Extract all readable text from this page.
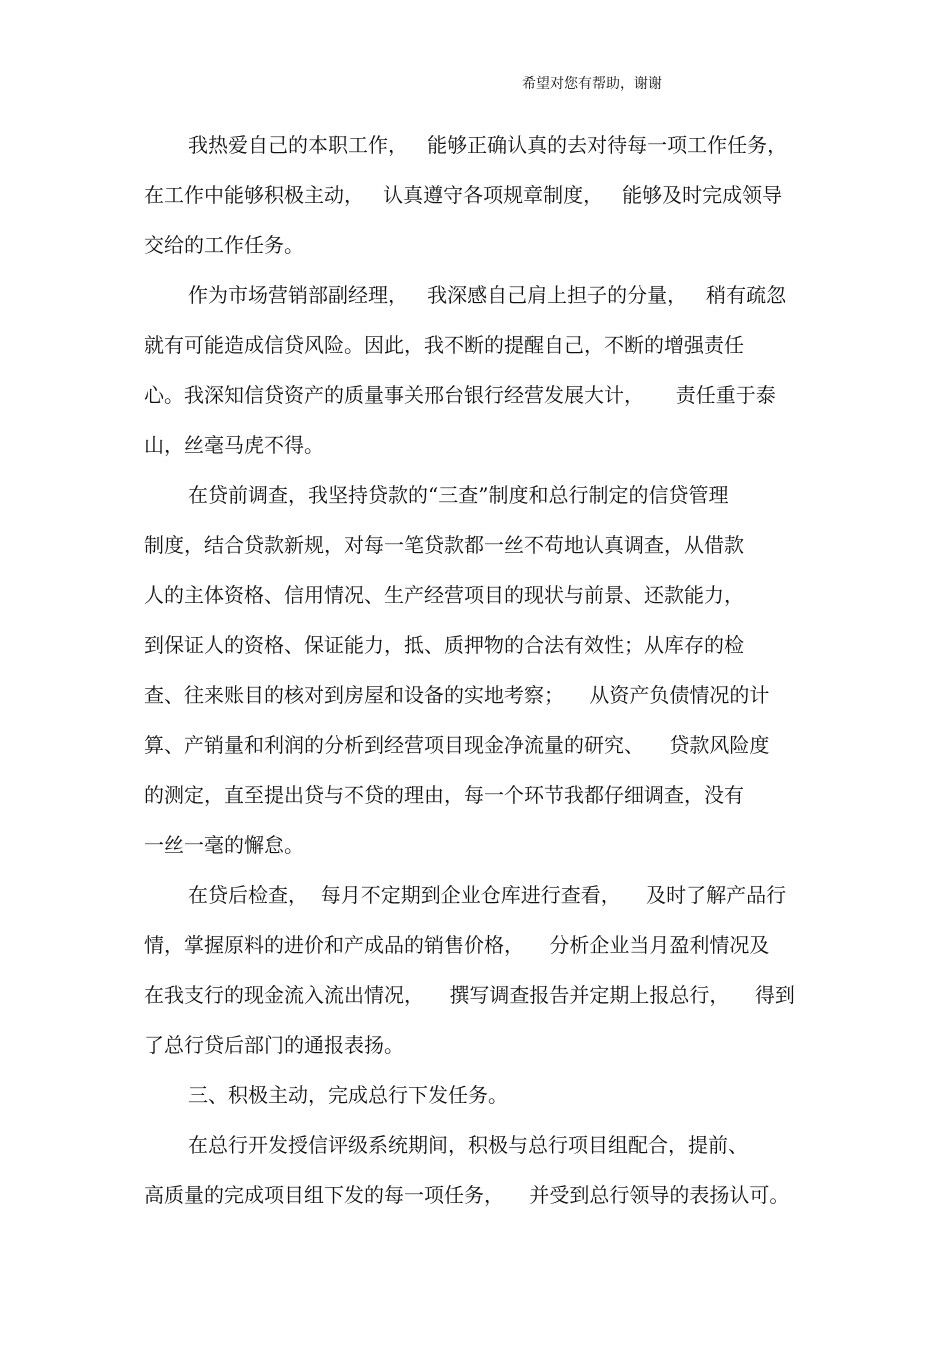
希望对您有帮助，谢谢
我热爱自己的本职工作，   能够正确认真的去对待每一项工作任务，
在工作中能够积极主动，   认真遵守各项规章制度，   能够及时完成领导
交给的工作任务。
作为市场营销部副经理，   我深感自己肩上担子的分量，   稍有疏忽
就有可能造成信贷风险。因此，我不断的提醒自己，不断的增强责任
心。我深知信贷资产的质量事关邢台银行经营发展大计，     责任重于泰
山，丝毫马虎不得。
在贷前调查，我坚持贷款的“三查”制度和总行制定的信贷管理
制度，结合贷款新规，对每一笔贷款都一丝不苟地认真调查，从借款
人的主体资格、信用情况、生产经营项目的现状与前景、还款能力，
到保证人的资格、保证能力，抵、质押物的合法有效性；从库存的检
查、往来账目的核对到房屋和设备的实地考察；    从资产负债情况的计
算、产销量和利润的分析到经营项目现金净流量的研究、    贷款风险度
的测定，直至提出贷与不贷的理由，每一个环节我都仔细调查，没有
一丝一毫的懈怠。
在贷后检查，  每月不定期到企业仓库进行查看，    及时了解产品行
情，掌握原料的进价和产成品的销售价格，    分析企业当月盈利情况及
在我支行的现金流入流出情况，    撰写调查报告并定期上报总行，    得到
了总行贷后部门的通报表扬。
三、积极主动，完成总行下发任务。
在总行开发授信评级系统期间，积极与总行项目组配合，提前、
高质量的完成项目组下发的每一项任务，    并受到总行领导的表扬认可。
